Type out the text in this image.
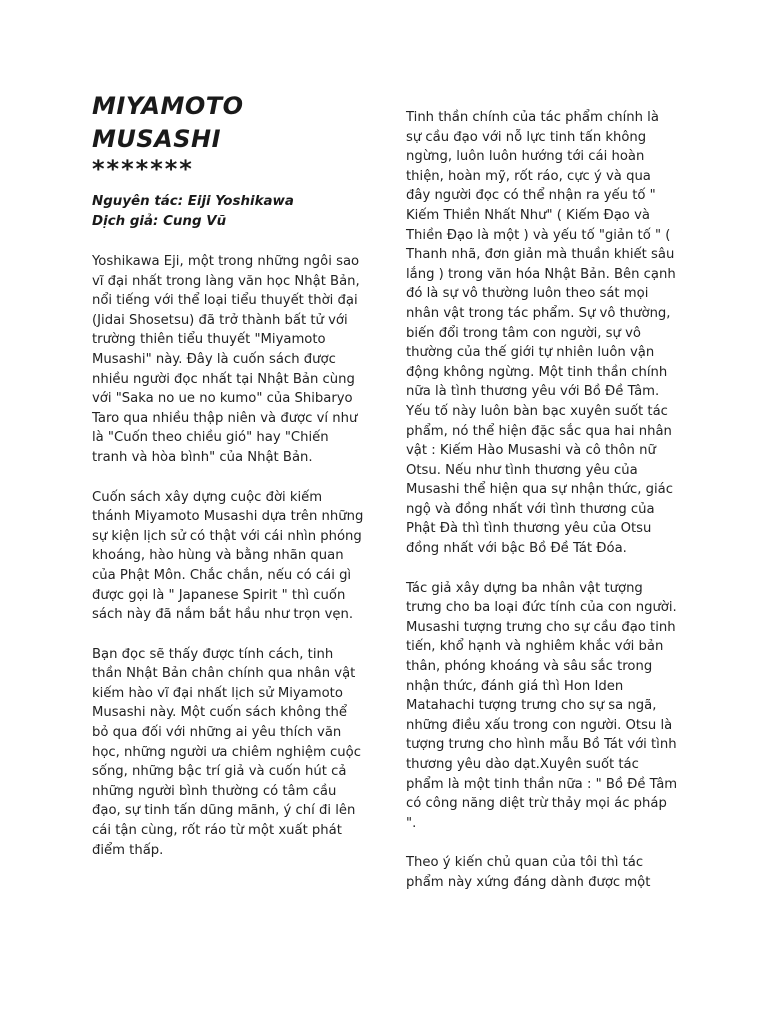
MIYAMOTO
MUSASHI
*******

Nguyên tác: Eiji Yoshikawa

Dịch giả: Cung Vũ

Yoshikawa Eji, một trong những ngôi sao vĩ đại nhất trong làng văn học Nhật Bản, nổi tiếng với thể loại tiểu thuyết thời đại (Jidai Shosetsu) đã trở thành bất tử với trường thiên tiểu thuyết "Miyamoto Musashi" này. Đây là cuốn sách được nhiều người đọc nhất tại Nhật Bản cùng với "Saka no ue no kumo" của Shibaryo Taro qua nhiều thập niên và được ví như là "Cuốn theo chiều gió" hay "Chiến tranh và hòa bình" của Nhật Bản.

Cuốn sách xây dựng cuộc đời kiếm thánh Miyamoto Musashi dựa trên những sự kiện lịch sử có thật với cái nhìn phóng khoáng, hào hùng và bằng nhãn quan của Phật Môn. Chắc chắn, nếu có cái gì được gọi là " Japanese Spirit " thì cuốn sách này đã nắm bắt hầu như trọn vẹn.

Bạn đọc sẽ thấy được tính cách, tinh thần Nhật Bản chân chính qua nhân vật kiếm hào vĩ đại nhất lịch sử Miyamoto Musashi này. Một cuốn sách không thể bỏ qua đối với những ai yêu thích văn học, những người ưa chiêm nghiệm cuộc sống, những bậc trí giả và cuốn hút cả những người bình thường có tâm cầu đạo, sự tinh tấn dũng mãnh, ý chí đi lên cái tận cùng, rốt ráo từ một xuất phát điểm thấp.

Tinh thần chính của tác phẩm chính là sự cầu đạo với nỗ lực tinh tấn không ngừng, luôn luôn hướng tới cái hoàn thiện, hoàn mỹ, rốt ráo, cực ý và qua đây người đọc có thể nhận ra yếu tố " Kiếm Thiền Nhất Như" ( Kiếm Đạo và Thiền Đạo là một ) và yếu tố "giản tố " ( Thanh nhã, đơn giản mà thuần khiết sâu lắng ) trong văn hóa Nhật Bản. Bên cạnh đó là sự vô thường luôn theo sát mọi nhân vật trong tác phẩm. Sự vô thường, biến đổi trong tâm con người, sự vô thường của thế giới tự nhiên luôn vận động không ngừng. Một tinh thần chính nữa là tình thương yêu với Bồ Đề Tâm. Yếu tố này luôn bàn bạc xuyên suốt tác phẩm, nó thể hiện đặc sắc qua hai nhân vật : Kiếm Hào Musashi và cô thôn nữ Otsu. Nếu như tình thương yêu của Musashi thể hiện qua sự nhận thức, giác ngộ và đồng nhất với tình thương của Phật Đà thì tình thương yêu của Otsu đồng nhất với bậc Bồ Đề Tát Đóa.

Tác giả xây dựng ba nhân vật tượng trưng cho ba loại đức tính của con người. Musashi tượng trưng cho sự cầu đạo tinh tiến, khổ hạnh và nghiêm khắc với bản thân, phóng khoáng và sâu sắc trong nhận thức, đánh giá thì Hon Iden Matahachi tượng trưng cho sự sa ngã, những điều xấu trong con người. Otsu là tượng trưng cho hình mẫu Bồ Tát với tình thương yêu dào dạt.Xuyên suốt tác phẩm là một tinh thần nữa : " Bồ Đề Tâm có công năng diệt trừ thảy mọi ác pháp ".

Theo ý kiến chủ quan của tôi thì tác phẩm này xứng đáng dành được một
